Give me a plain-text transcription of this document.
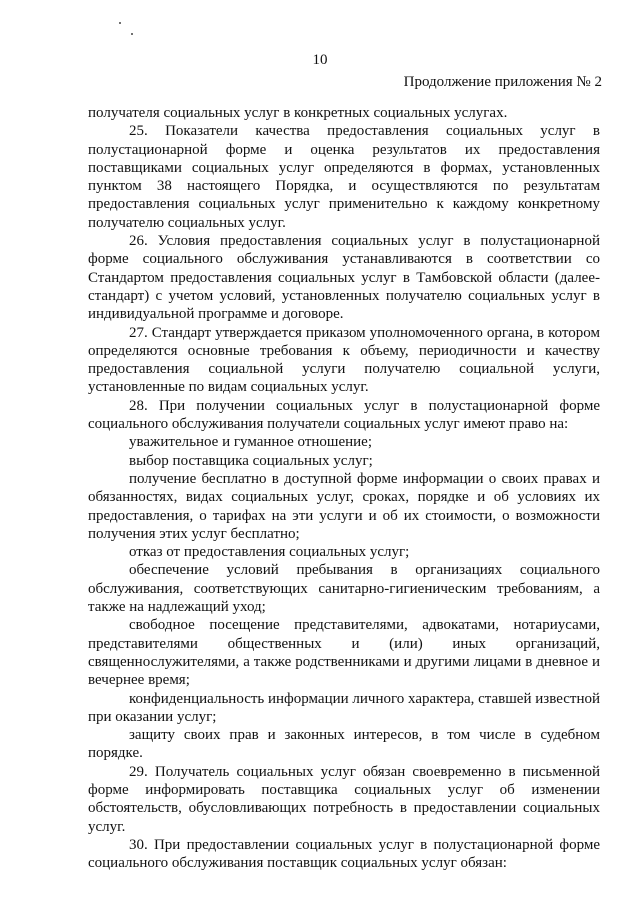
10
Продолжение приложения № 2

получателя социальных услуг в конкретных социальных услугах.

25. Показатели качества предоставления социальных услуг в полустационарной форме и оценка результатов их предоставления поставщиками социальных услуг определяются в формах, установленных пунктом 38 настоящего Порядка, и осуществляются по результатам предоставления социальных услуг применительно к каждому конкретному получателю социальных услуг.

26. Условия предоставления социальных услуг в полустационарной форме социального обслуживания устанавливаются в соответствии со Стандартом предоставления социальных услуг в Тамбовской области (далее- стандарт) с учетом условий, установленных получателю социальных услуг в индивидуальной программе и договоре.

27. Стандарт утверждается приказом уполномоченного органа, в котором определяются основные требования к объему, периодичности и качеству предоставления социальной услуги получателю социальной услуги, установленные по видам социальных услуг.

28. При получении социальных услуг в полустационарной форме социального обслуживания получатели социальных услуг имеют право на:

уважительное и гуманное отношение;

выбор поставщика социальных услуг;

получение бесплатно в доступной форме информации о своих правах и обязанностях, видах социальных услуг, сроках, порядке и об условиях их предоставления, о тарифах на эти услуги и об их стоимости, о возможности получения этих услуг бесплатно;

отказ от предоставления социальных услуг;

обеспечение условий пребывания в организациях социального обслуживания, соответствующих санитарно-гигиеническим требованиям, а также на надлежащий уход;

свободное посещение представителями, адвокатами, нотариусами, представителями общественных и (или) иных организаций, священнослужителями, а также родственниками и другими лицами в дневное и вечернее время;

конфиденциальность информации личного характера, ставшей известной при оказании услуг;

защиту своих прав и законных интересов, в том числе в судебном порядке.

29. Получатель социальных услуг обязан своевременно в письменной форме информировать поставщика социальных услуг об изменении обстоятельств, обусловливающих потребность в предоставлении социальных услуг.

30. При предоставлении социальных услуг в полустационарной форме социального обслуживания поставщик социальных услуг обязан:
